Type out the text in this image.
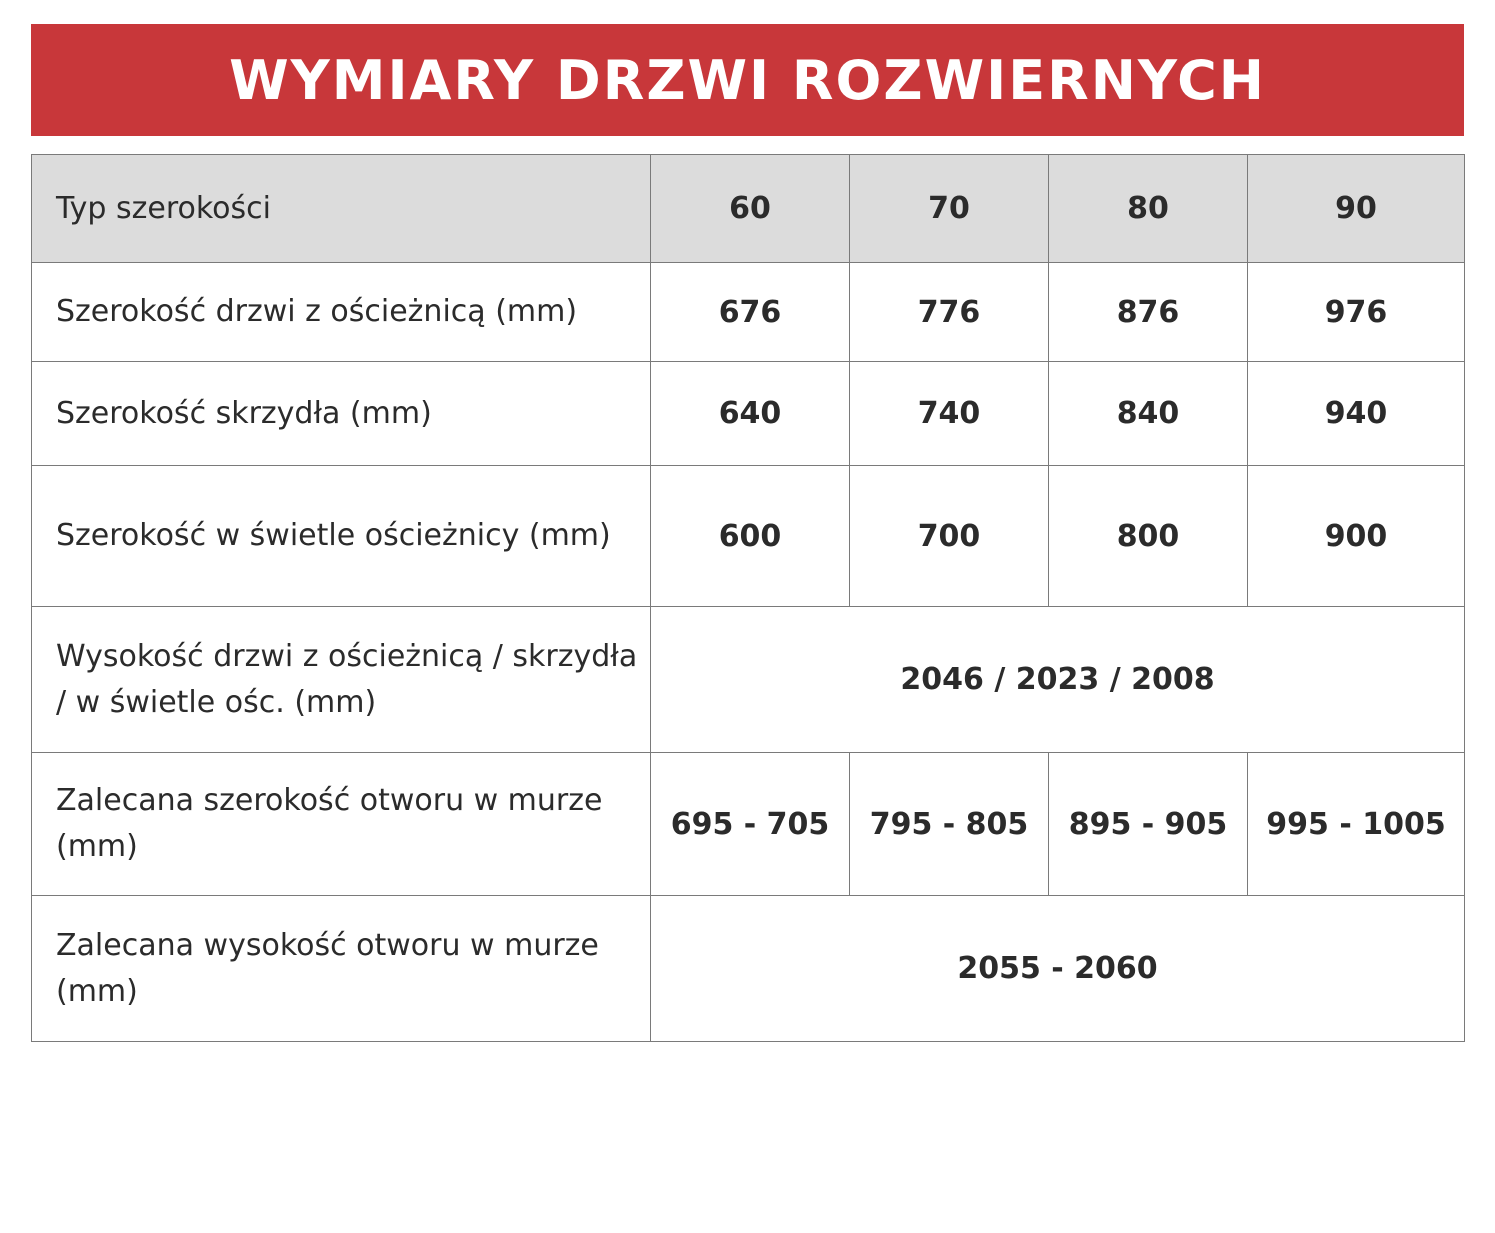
WYMIARY DRZWI ROZWIERNYCH
Typ szerokości	60	70	80	90
Szerokość drzwi z ościeżnicą (mm)	676	776	876	976
Szerokość skrzydła (mm)	640	740	840	940
Szerokość w świetle ościeżnicy (mm)	600	700	800	900
Wysokość drzwi z ościeżnicą / skrzydła / w świetle ośc. (mm)	2046 / 2023 / 2008			
Zalecana szerokość otworu w murze (mm)	695 - 705	795 - 805	895 - 905	995 - 1005
Zalecana wysokość otworu w murze (mm)	2055 - 2060			
